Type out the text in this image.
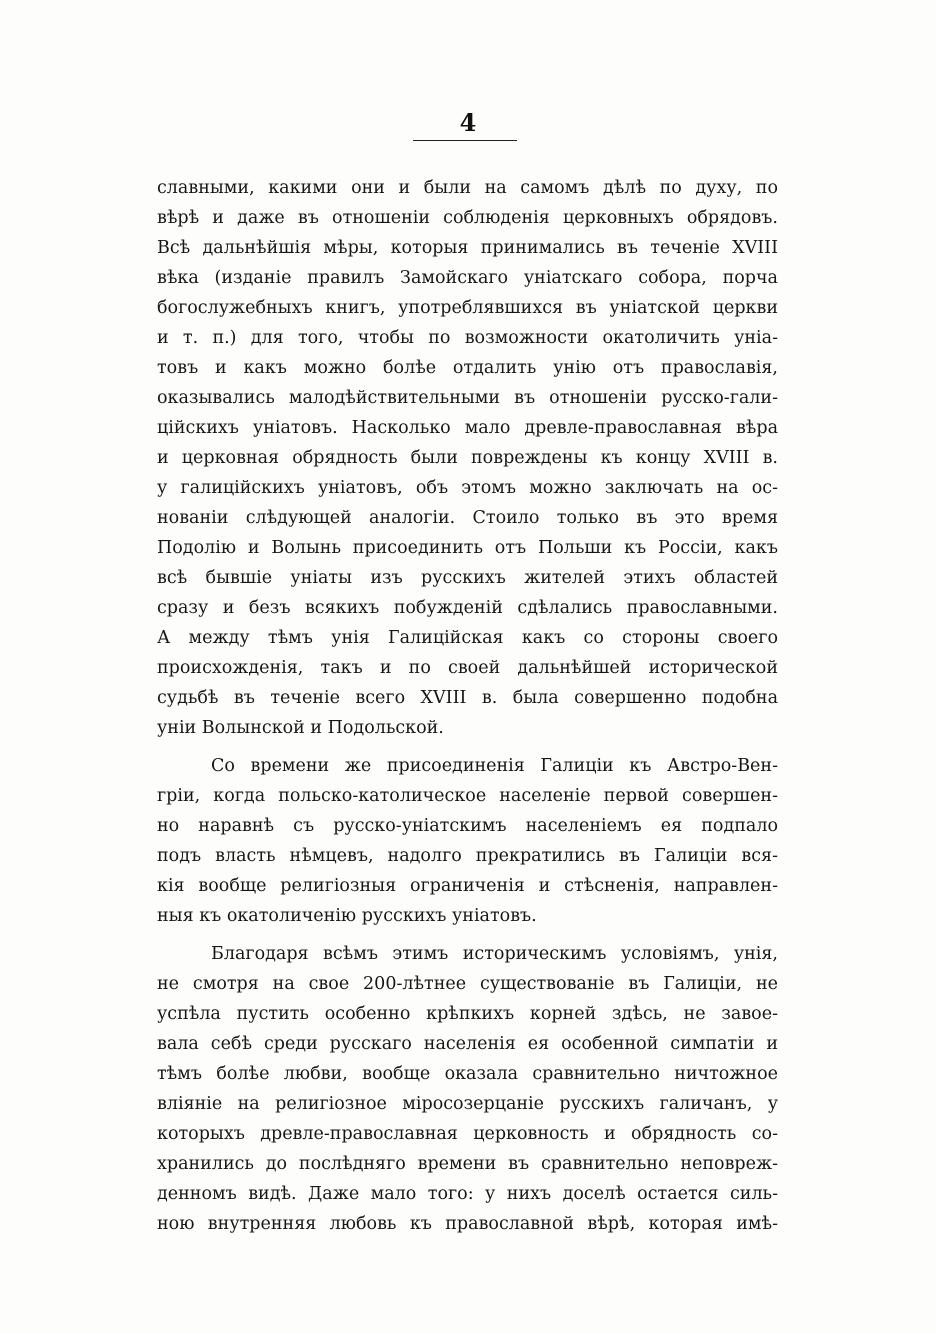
4
славными, какими они и были на самомъ дѣлѣ по духу, по
вѣрѣ и даже въ отношеніи соблюденія церковныхъ обрядовъ.
Всѣ дальнѣйшія мѣры, которыя принимались въ теченіе XVIII
вѣка (изданіе правилъ Замойскаго уніатскаго собора, порча
богослужебныхъ книгъ, употреблявшихся въ уніатской церкви
и т. п.) для того, чтобы по возможности окатоличить уніа-
товъ и какъ можно болѣе отдалить унію отъ православія,
оказывались малодѣйствительными въ отношеніи русско-гали-
цiйскихъ уніатовъ. Насколько мало древле-православная вѣра
и церковная обрядность были повреждены къ концу XVIII в.
у галицiйскихъ уніатовъ, объ этомъ можно заключать на ос-
нованіи слѣдующей аналогіи. Стоило только въ это время
Подолію и Волынь присоединить отъ Польши къ Россіи, какъ
всѣ бывшіе уніаты изъ русскихъ жителей этихъ областей
сразу и безъ всякихъ побужденій сдѣлались православными.
А между тѣмъ унія Галицiйская какъ со стороны своего
происхожденія, такъ и по своей дальнѣйшей исторической
судьбѣ въ теченіе всего XVIII в. была совершенно подобна
уніи Волынской и Подольской.
Со времени же присоединенія Галиціи къ Австро-Вен-
гріи, когда польско-католическое населеніе первой совершен-
но наравнѣ съ русско-уніатскимъ населеніемъ ея подпало
подъ власть нѣмцевъ, надолго прекратились въ Галиціи вся-
кія вообще религіозныя ограниченія и стѣсненія, направлен-
ныя къ окатоличенію русскихъ уніатовъ.
Благодаря всѣмъ этимъ историческимъ условіямъ, унія,
не смотря на свое 200-лѣтнее существованіе въ Галиціи, не
успѣла пустить особенно крѣпкихъ корней здѣсь, не завое-
вала себѣ среди русскаго населенія ея особенной симпатіи и
тѣмъ болѣе любви, вообще оказала сравнительно ничтожное
вліяніе на религіозное міросозерцаніе русскихъ галичанъ, у
которыхъ древле-православная церковность и обрядность со-
хранились до послѣдняго времени въ сравнительно неповреж-
денномъ видѣ. Даже мало того: у нихъ доселѣ остается силь-
ною внутренняя любовь къ православной вѣрѣ, которая имѣ-
